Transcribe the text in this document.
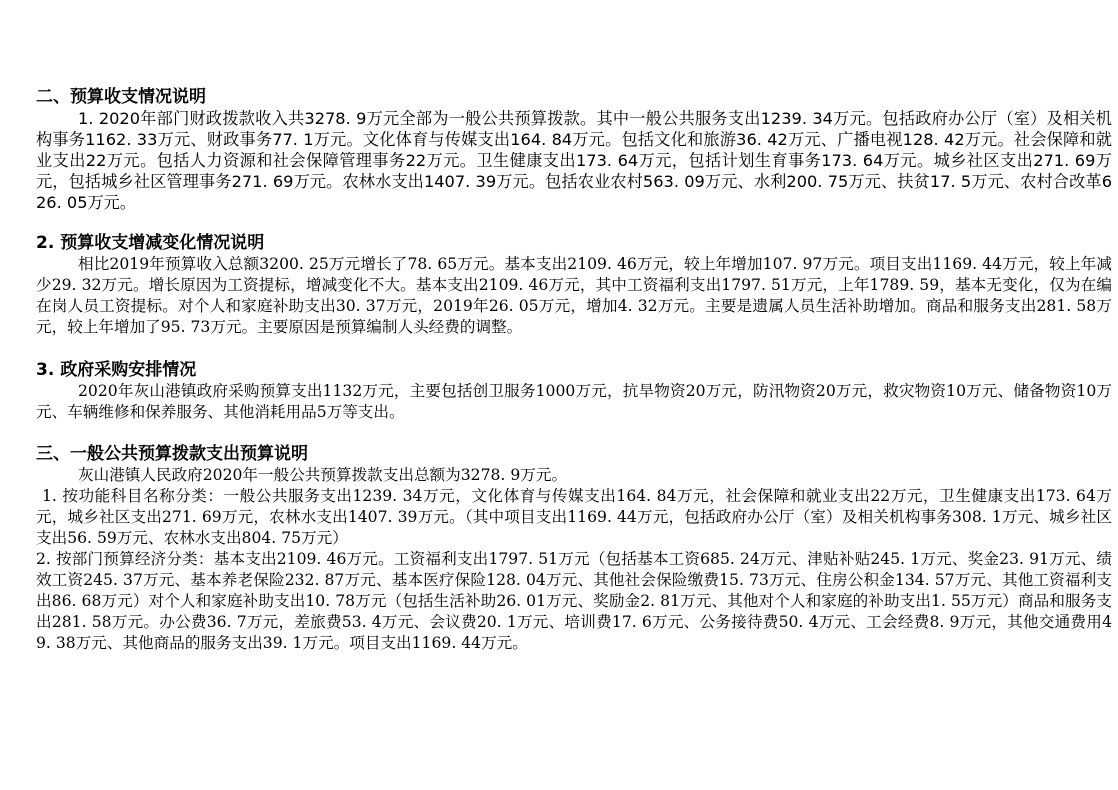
二、预算收支情况说明

1. 2020年部门财政拨款收入共3278. 9万元全部为一般公共预算拨款。其中一般公共服务支出1239. 34万元。包括政府办公厅（室）及相关机构事务1162. 33万元、财政事务77. 1万元。文化体育与传媒支出164. 84万元。包括文化和旅游36. 42万元、广播电视128. 42万元。社会保障和就业支出22万元。包括人力资源和社会保障管理事务22万元。卫生健康支出173. 64万元，包括计划生育事务173. 64万元。城乡社区支出271. 69万元，包括城乡社区管理事务271. 69万元。农林水支出1407. 39万元。包括农业农村563. 09万元、水利200. 75万元、扶贫17. 5万元、农村合改革626. 05万元。

2. 预算收支增减变化情况说明

相比2019年预算收入总额3200. 25万元增长了78. 65万元。基本支出2109. 46万元，较上年增加107. 97万元。项目支出1169. 44万元，较上年减少29. 32万元。增长原因为工资提标，增减变化不大。基本支出2109. 46万元，其中工资福利支出1797. 51万元，上年1789. 59，基本无变化，仅为在编在岗人员工资提标。对个人和家庭补助支出30. 37万元，2019年26. 05万元，增加4. 32万元。主要是遗属人员生活补助增加。商品和服务支出281. 58万元，较上年增加了95. 73万元。主要原因是预算编制人头经费的调整。

3. 政府采购安排情况

2020年灰山港镇政府采购预算支出1132万元，主要包括创卫服务1000万元，抗旱物资20万元，防汛物资20万元，救灾物资10万元、储备物资10万元、车辆维修和保养服务、其他消耗用品5万等支出。

三、一般公共预算拨款支出预算说明

灰山港镇人民政府2020年一般公共预算拨款支出总额为3278. 9万元。

1. 按功能科目名称分类：一般公共服务支出1239. 34万元，文化体育与传媒支出164. 84万元，社会保障和就业支出22万元，卫生健康支出173. 64万元，城乡社区支出271. 69万元，农林水支出1407. 39万元。（其中项目支出1169. 44万元，包括政府办公厅（室）及相关机构事务308. 1万元、城乡社区支出56. 59万元、农林水支出804. 75万元）

2. 按部门预算经济分类：基本支出2109. 46万元。工资福利支出1797. 51万元（包括基本工资685. 24万元、津贴补贴245. 1万元、奖金23. 91万元、绩效工资245. 37万元、基本养老保险232. 87万元、基本医疗保险128. 04万元、其他社会保险缴费15. 73万元、住房公积金134. 57万元、其他工资福利支出86. 68万元）对个人和家庭补助支出10. 78万元（包括生活补助26. 01万元、奖励金2. 81万元、其他对个人和家庭的补助支出1. 55万元）商品和服务支出281. 58万元。办公费36. 7万元，差旅费53. 4万元、会议费20. 1万元、培训费17. 6万元、公务接待费50. 4万元、工会经费8. 9万元，其他交通费用49. 38万元、其他商品的服务支出39. 1万元。项目支出1169. 44万元。
